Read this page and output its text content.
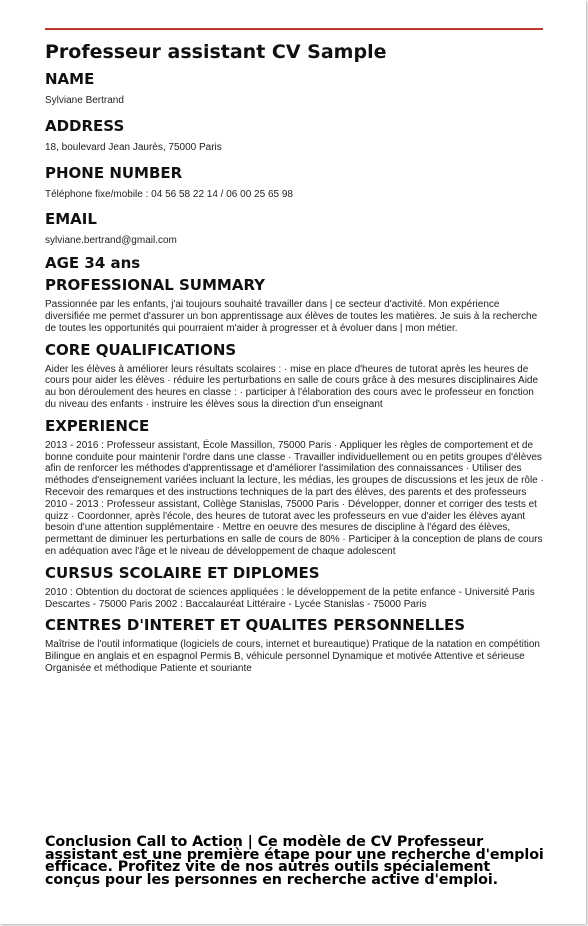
Professeur assistant CV Sample
NAME

Sylviane Bertrand

ADDRESS

18, boulevard Jean Jaurès, 75000 Paris

PHONE NUMBER

Téléphone fixe/mobile : 04 56 58 22 14 / 06 00 25 65 98

EMAIL

sylviane.bertrand@gmail.com

AGE 34 ans
PROFESSIONAL SUMMARY

Passionnée par les enfants, j'ai toujours souhaité travailler dans | ce secteur d'activité. Mon expérience diversifiée me permet d'assurer un bon apprentissage aux élèves de toutes les matières. Je suis à la recherche de toutes les opportunités qui pourraient m'aider à progresser et à évoluer dans | mon métier.

CORE QUALIFICATIONS

Aider les élèves à améliorer leurs résultats scolaires : · mise en place d'heures de tutorat après les heures de cours pour aider les élèves · réduire les perturbations en salle de cours grâce à des mesures disciplinaires Aide au bon déroulement des heures en classe : · participer à l'élaboration des cours avec le professeur en fonction du niveau des enfants · instruire les élèves sous la direction d'un enseignant

EXPERIENCE

2013 - 2016 : Professeur assistant, École Massillon, 75000 Paris · Appliquer les règles de comportement et de bonne conduite pour maintenir l'ordre dans une classe · Travailler individuellement ou en petits groupes d'élèves afin de renforcer les méthodes d'apprentissage et d'améliorer l'assimilation des connaissances · Utiliser des méthodes d'enseignement variées incluant la lecture, les médias, les groupes de discussions et les jeux de rôle · Recevoir des remarques et des instructions techniques de la part des élèves, des parents et des professeurs 2010 - 2013 : Professeur assistant, Collège Stanislas, 75000 Paris · Développer, donner et corriger des tests et quizz · Coordonner, après l'école, des heures de tutorat avec les professeurs en vue d'aider les élèves ayant besoin d'une attention supplémentaire · Mettre en oeuvre des mesures de discipline à l'égard des élèves, permettant de diminuer les perturbations en salle de cours de 80% · Participer à la conception de plans de cours en adéquation avec l'âge et le niveau de développement de chaque adolescent

CURSUS SCOLAIRE ET DIPLOMES

2010 : Obtention du doctorat de sciences appliquées : le développement de la petite enfance - Université Paris Descartes - 75000 Paris 2002 : Baccalauréat Littéraire - Lycée Stanislas - 75000 Paris

CENTRES D'INTERET ET QUALITES PERSONNELLES

Maîtrise de l'outil informatique (logiciels de cours, internet et bureautique) Pratique de la natation en compétition Bilingue en anglais et en espagnol Permis B, véhicule personnel Dynamique et motivée Attentive et sérieuse Organisée et méthodique Patiente et souriante

Conclusion Call to Action | Ce modèle de CV Professeur assistant est une première étape pour une recherche d'emploi efficace. Profitez vite de nos autres outils spécialement conçus pour les personnes en recherche active d'emploi.
